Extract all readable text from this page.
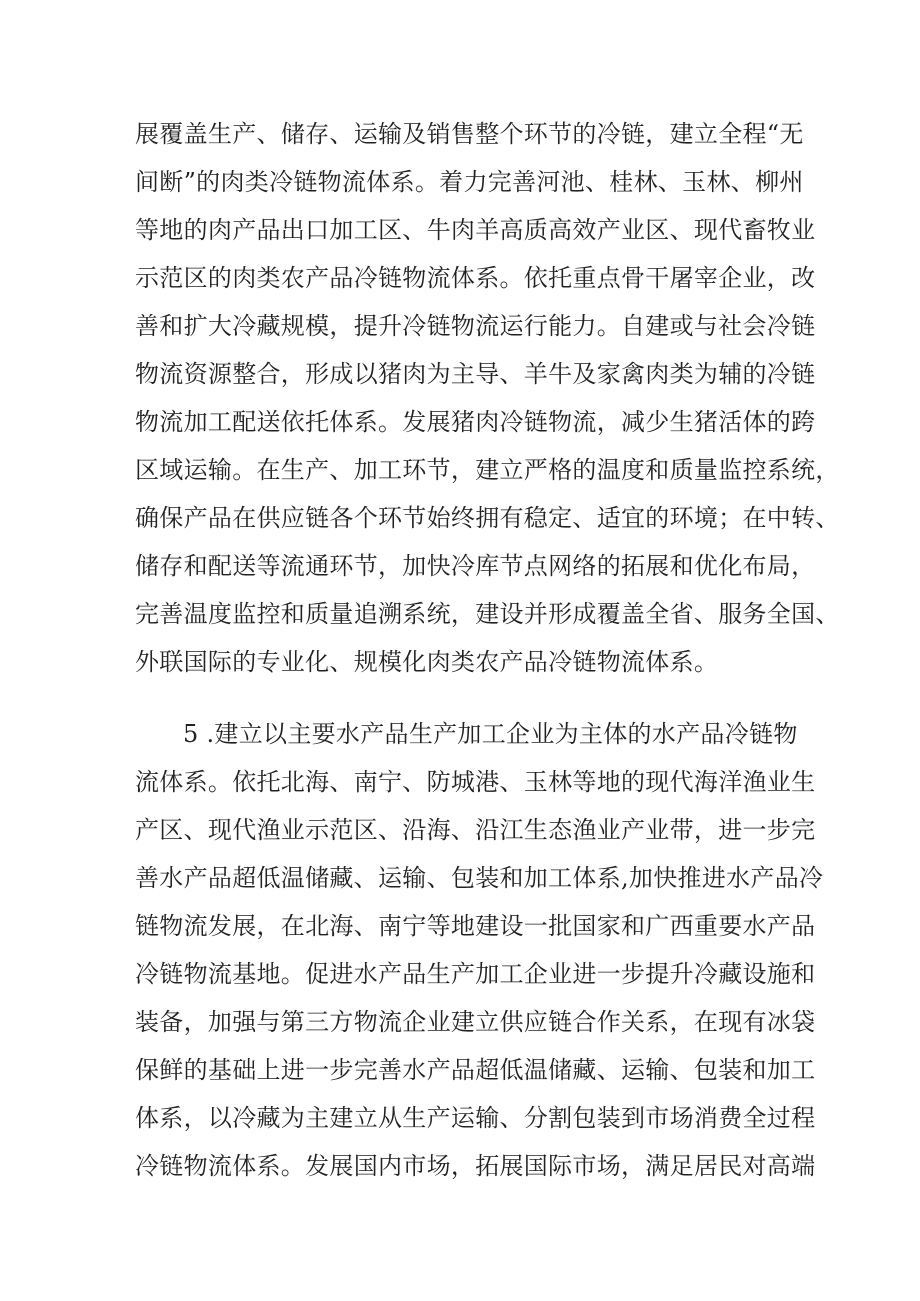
展覆盖生产、储存、运输及销售整个环节的冷链，建立全程“无
间断”的肉类冷链物流体系。着力完善河池、桂林、玉林、柳州
等地的肉产品出口加工区、牛肉羊高质高效产业区、现代畜牧业
示范区的肉类农产品冷链物流体系。依托重点骨干屠宰企业，改
善和扩大冷藏规模，提升冷链物流运行能力。自建或与社会冷链
物流资源整合，形成以猪肉为主导、羊牛及家禽肉类为辅的冷链
物流加工配送依托体系。发展猪肉冷链物流，减少生猪活体的跨
区域运输。在生产、加工环节，建立严格的温度和质量监控系统，
确保产品在供应链各个环节始终拥有稳定、适宜的环境；在中转、
储存和配送等流通环节，加快冷库节点网络的拓展和优化布局，
完善温度监控和质量追溯系统，建设并形成覆盖全省、服务全国、
外联国际的专业化、规模化肉类农产品冷链物流体系。
5 .建立以主要水产品生产加工企业为主体的水产品冷链物
流体系。依托北海、南宁、防城港、玉林等地的现代海洋渔业生
产区、现代渔业示范区、沿海、沿江生态渔业产业带，进一步完
善水产品超低温储藏、运输、包装和加工体系,加快推进水产品冷
链物流发展，在北海、南宁等地建设一批国家和广西重要水产品
冷链物流基地。促进水产品生产加工企业进一步提升冷藏设施和
装备，加强与第三方物流企业建立供应链合作关系，在现有冰袋
保鲜的基础上进一步完善水产品超低温储藏、运输、包装和加工
体系，以冷藏为主建立从生产运输、分割包装到市场消费全过程
冷链物流体系。发展国内市场，拓展国际市场，满足居民对高端
